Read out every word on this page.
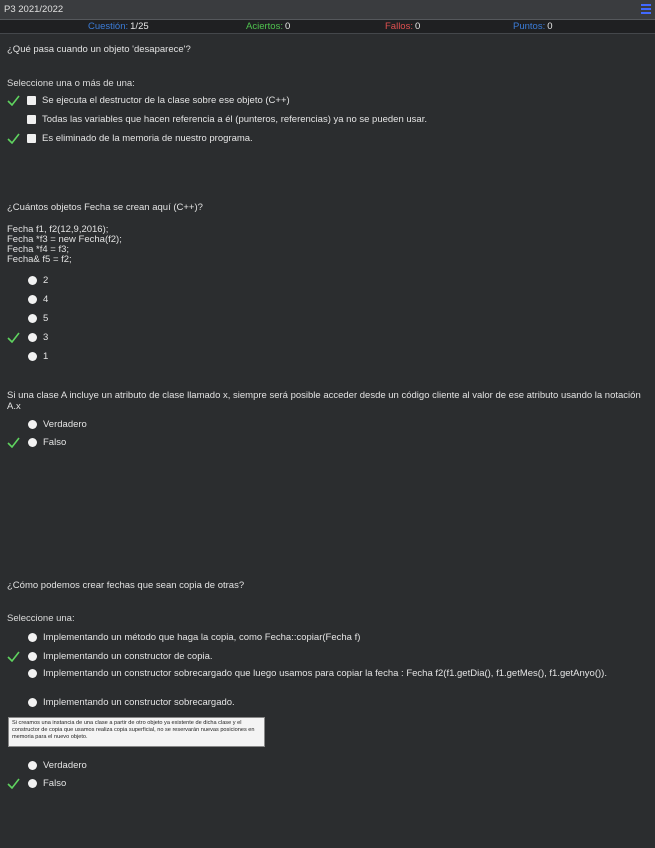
P3 2021/2022
Cuestión: 1/25	Aciertos: 0	Fallos: 0	Puntos: 0
¿Qué pasa cuando un objeto 'desaparece'?
Seleccione una o más de una:
Se ejecuta el destructor de la clase sobre ese objeto (C++)
Todas las variables que hacen referencia a él (punteros, referencias) ya no se pueden usar.
Es eliminado de la memoria de nuestro programa.
¿Cuántos objetos Fecha se crean aquí (C++)?
Fecha f1, f2(12,9,2016);
Fecha *f3 = new Fecha(f2);
Fecha *f4 = f3;
Fecha& f5 = f2;
2
4
5
3
1
Si una clase A incluye un atributo de clase llamado x, siempre será posible acceder desde un código cliente al valor de ese atributo usando la notación A.x
Verdadero
Falso
¿Cómo podemos crear fechas que sean copia de otras?
Seleccione una:
Implementando un método que haga la copia, como Fecha::copiar(Fecha f)
Implementando un constructor de copia.
Implementando un constructor sobrecargado que luego usamos para copiar la fecha : Fecha f2(f1.getDia(), f1.getMes(), f1.getAnyo()).
Implementando un constructor sobrecargado.
Si creamos una instancia de una clase a partir de otro objeto ya existente de dicha clase y el constructor de copia que usamos realiza copia superficial, no se reservarán nuevas posiciones en memoria para el nuevo objeto.
Verdadero
Falso
